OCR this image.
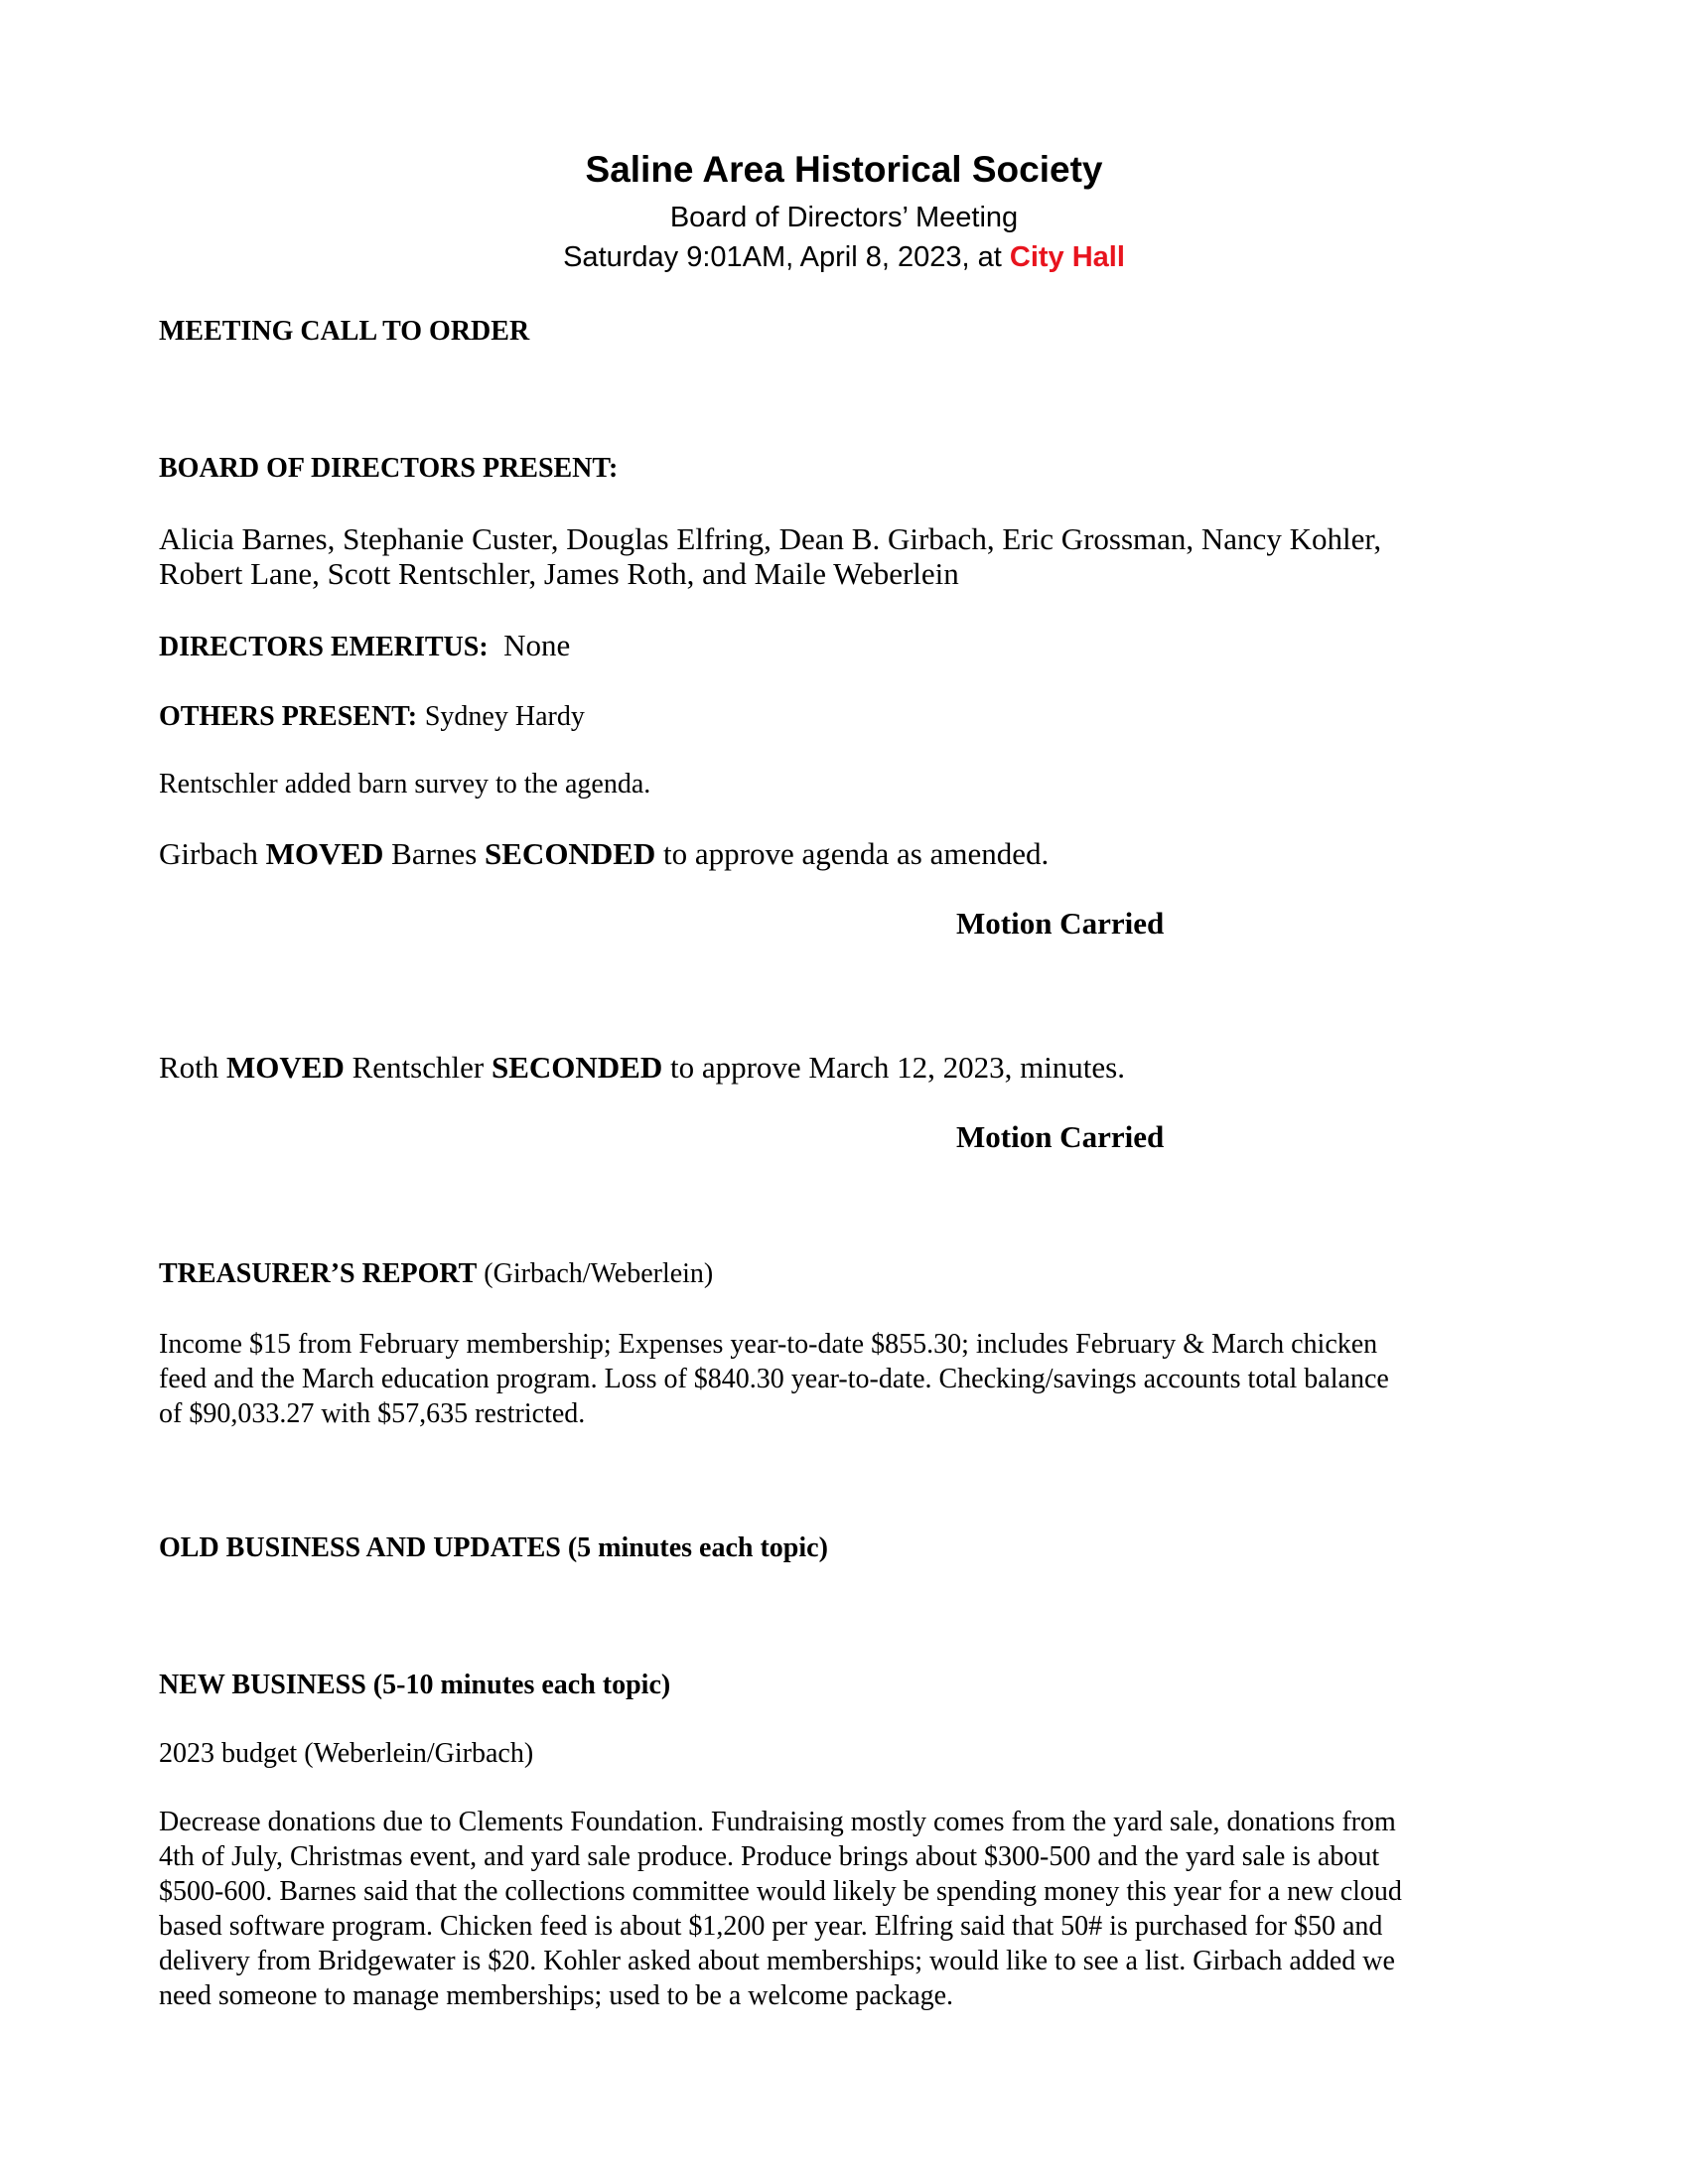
Saline Area Historical Society
Board of Directors’ Meeting
Saturday 9:01AM, April 8, 2023, at City Hall
MEETING CALL TO ORDER
BOARD OF DIRECTORS PRESENT:
Alicia Barnes, Stephanie Custer, Douglas Elfring, Dean B. Girbach, Eric Grossman, Nancy Kohler,
Robert Lane, Scott Rentschler, James Roth, and Maile Weberlein
DIRECTORS EMERITUS: None
OTHERS PRESENT: Sydney Hardy
Rentschler added barn survey to the agenda.
Girbach MOVED Barnes SECONDED to approve agenda as amended.
Motion Carried
Roth MOVED Rentschler SECONDED to approve March 12, 2023, minutes.
Motion Carried
TREASURER’S REPORT (Girbach/Weberlein)
Income $15 from February membership; Expenses year-to-date $855.30; includes February & March chicken
feed and the March education program. Loss of $840.30 year-to-date. Checking/savings accounts total balance
of $90,033.27 with $57,635 restricted.
OLD BUSINESS AND UPDATES (5 minutes each topic)
NEW BUSINESS (5-10 minutes each topic)
2023 budget (Weberlein/Girbach)
Decrease donations due to Clements Foundation. Fundraising mostly comes from the yard sale, donations from
4th of July, Christmas event, and yard sale produce. Produce brings about $300-500 and the yard sale is about
$500-600. Barnes said that the collections committee would likely be spending money this year for a new cloud
based software program. Chicken feed is about $1,200 per year. Elfring said that 50# is purchased for $50 and
delivery from Bridgewater is $20. Kohler asked about memberships; would like to see a list. Girbach added we
need someone to manage memberships; used to be a welcome package.
